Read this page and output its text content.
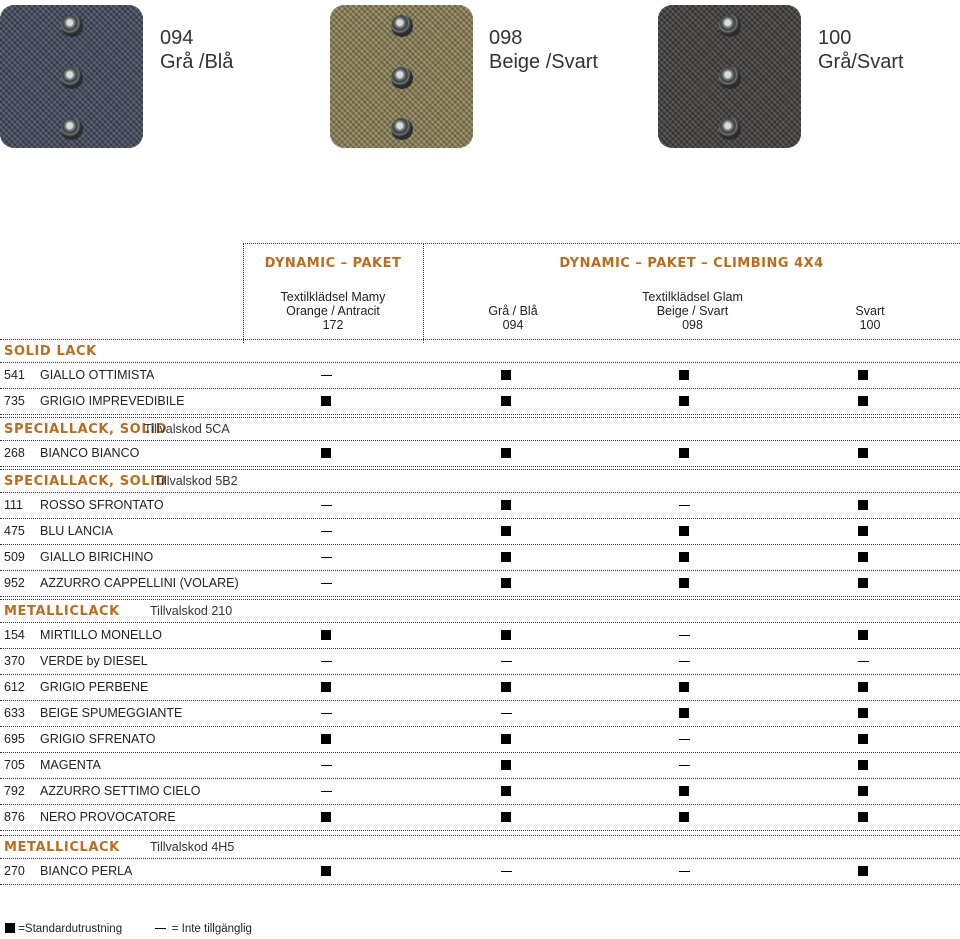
094
Grå /Blå
098
Beige /Svart
100
Grå/Svart
DYNAMIC – PAKET	DYNAMIC – PAKET – CLIMBING 4X4
Textilklädsel Mamy
Orange / Antracit
172
Grå / Blå
094
Textilklädsel Glam
Beige / Svart
098
Svart
100
SOLID LACK
541 GIALLO OTTIMISTA
735 GRIGIO IMPREVEDIBILE
SPECIALLACK, SOLID
Tillvalskod 5CA
268 BIANCO BIANCO
SPECIALLACK, SOLID
Tillvalskod 5B2
111 ROSSO SFRONTATO
475 BLU LANCIA
509 GIALLO BIRICHINO
952 AZZURRO CAPPELLINI (VOLARE)
METALLICLACK Tillvalskod 210
154 MIRTILLO MONELLO
370 VERDE by DIESEL
612 GRIGIO PERBENE
633 BEIGE SPUMEGGIANTE
695 GRIGIO SFRENATO
705 MAGENTA
792 AZZURRO SETTIMO CIELO
876 NERO PROVOCATORE
METALLICLACK Tillvalskod 4H5
270 BIANCO PERLA
=Standardutrustning	= Inte tillgänglig
